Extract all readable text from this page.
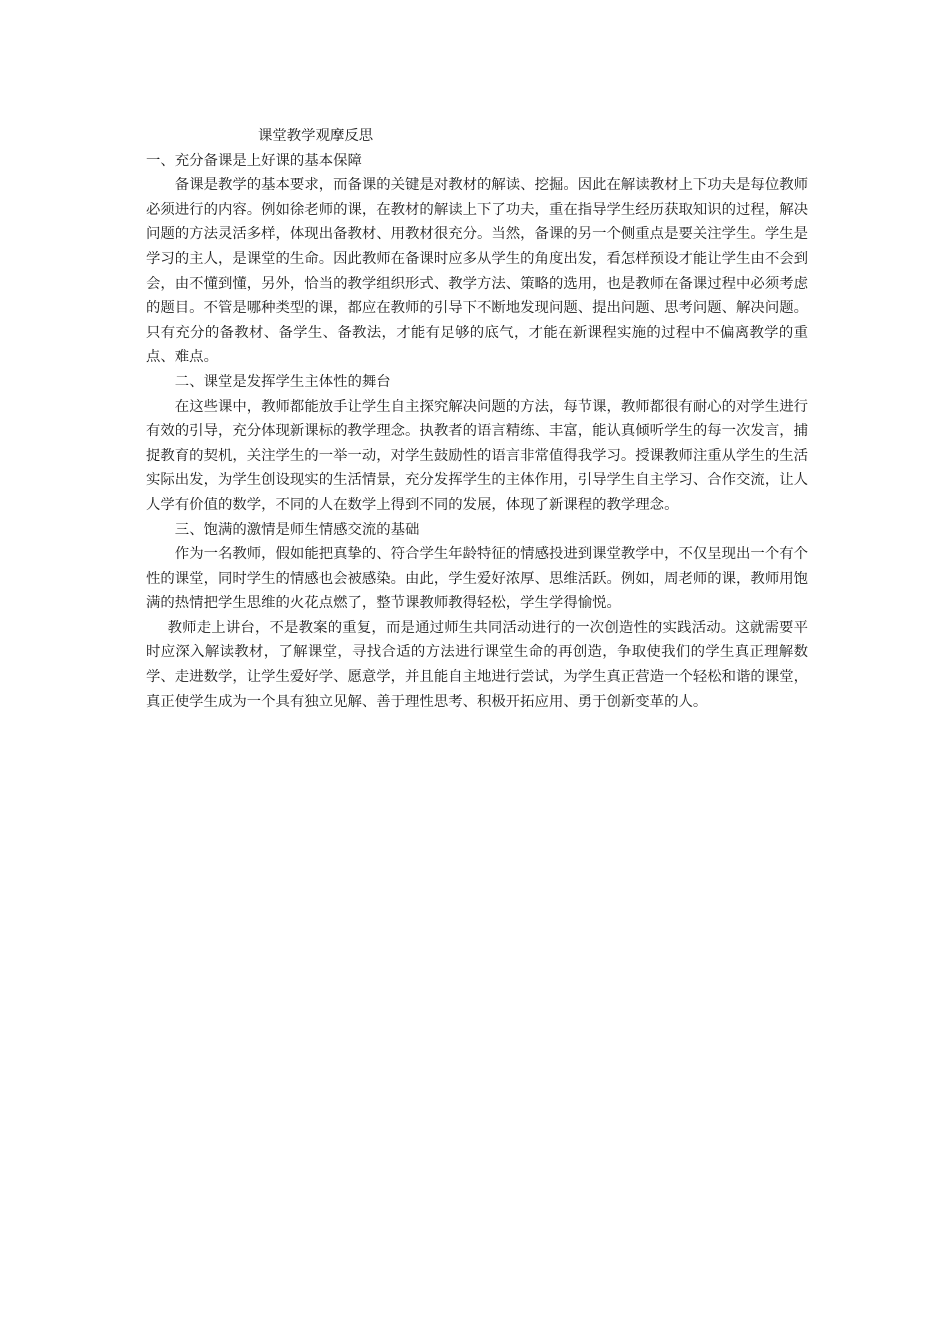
课堂教学观摩反思
一、充分备课是上好课的基本保障

备课是教学的基本要求，而备课的关键是对教材的解读、挖掘。因此在解读教材上下功夫是每位教师必须进行的内容。例如徐老师的课，在教材的解读上下了功夫，重在指导学生经历获取知识的过程，解决问题的方法灵活多样，体现出备教材、用教材很充分。当然，备课的另一个侧重点是要关注学生。学生是学习的主人，是课堂的生命。因此教师在备课时应多从学生的角度出发，看怎样预设才能让学生由不会到会，由不懂到懂，另外，恰当的教学组织形式、教学方法、策略的选用，也是教师在备课过程中必须考虑的题目。不管是哪种类型的课，都应在教师的引导下不断地发现问题、提出问题、思考问题、解决问题。只有充分的备教材、备学生、备教法，才能有足够的底气，才能在新课程实施的过程中不偏离教学的重点、难点。

二、课堂是发挥学生主体性的舞台

在这些课中，教师都能放手让学生自主探究解决问题的方法，每节课，教师都很有耐心的对学生进行有效的引导，充分体现新课标的教学理念。执教者的语言精练、丰富，能认真倾听学生的每一次发言，捕捉教育的契机，关注学生的一举一动，对学生鼓励性的语言非常值得我学习。授课教师注重从学生的生活实际出发，为学生创设现实的生活情景，充分发挥学生的主体作用，引导学生自主学习、合作交流，让人人学有价值的数学，不同的人在数学上得到不同的发展，体现了新课程的教学理念。

三、饱满的激情是师生情感交流的基础

作为一名教师，假如能把真挚的、符合学生年龄特征的情感投进到课堂教学中，不仅呈现出一个有个性的课堂，同时学生的情感也会被感染。由此，学生爱好浓厚、思维活跃。例如，周老师的课，教师用饱满的热情把学生思维的火花点燃了，整节课教师教得轻松，学生学得愉悦。

教师走上讲台，不是教案的重复，而是通过师生共同活动进行的一次创造性的实践活动。这就需要平时应深入解读教材，了解课堂，寻找合适的方法进行课堂生命的再创造，争取使我们的学生真正理解数学、走进数学，让学生爱好学、愿意学，并且能自主地进行尝试，为学生真正营造一个轻松和谐的课堂，真正使学生成为一个具有独立见解、善于理性思考、积极开拓应用、勇于创新变革的人。
